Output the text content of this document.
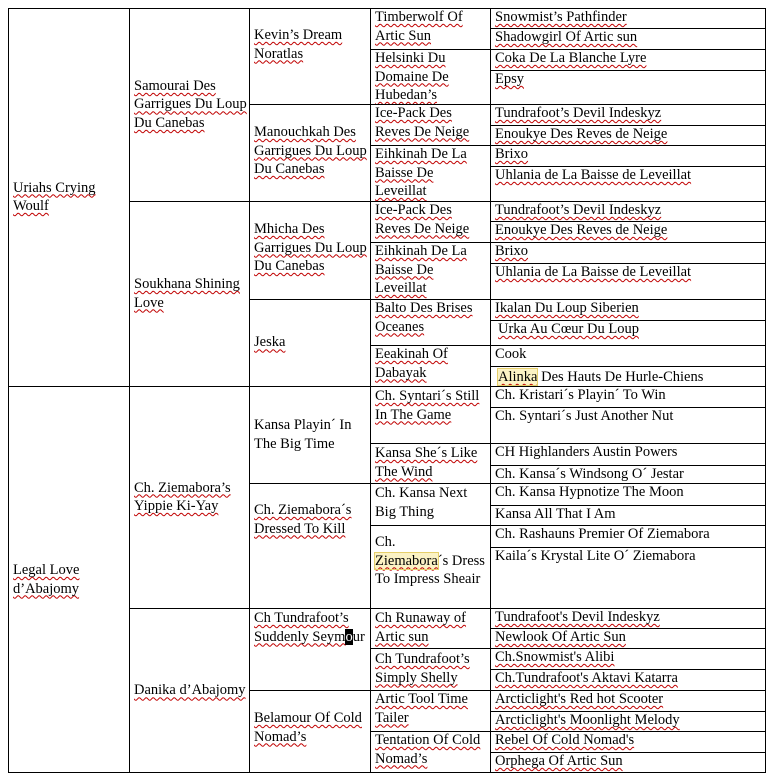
Uriahs Crying Woulf
Legal Love d’Abajomy
Samourai Des Garrigues Du Loup Du Canebas
Soukhana Shining Love
Ch. Ziemabora’s Yippie Ki-Yay
Danika d’Abajomy
Kevin’s Dream Noratlas
Manouchkah Des Garrigues Du Loup Du Canebas
Mhicha Des Garrigues Du Loup Du Canebas
Jeska
Kansa Playin´ In The Big Time
Ch. Ziemabora´s Dressed To Kill
Ch Tundrafoot’s Suddenly Seymour
Belamour Of Cold Nomad’s
Timberwolf Of Artic Sun
Helsinki Du Domaine De Hubedan’s
Ice-Pack Des Reves De Neige
Eihkinah De La Baisse De Leveillat
Ice-Pack Des Reves De Neige
Eihkinah De La Baisse De Leveillat
Balto Des Brises Oceanes
Eeakinah Of Dabayak
Ch. Syntari´s Still In The Game
Kansa She´s Like The Wind
Ch. Kansa Next Big Thing
Ch.
Ziemabora´s Dress To Impress Sheair
Ch Runaway of Artic sun
Ch Tundrafoot’s Simply Shelly
Artic Tool Time Tailer
Tentation Of Cold Nomad’s
Snowmist’s Pathfinder
Shadowgirl Of Artic sun
Coka De La Blanche Lyre
Epsy
Tundrafoot’s Devil Indeskyz
Enoukye Des Reves de Neige
Brixo
Uhlania de La Baisse de Leveillat
Tundrafoot’s Devil Indeskyz
Enoukye Des Reves de Neige
Brixo
Uhlania de La Baisse de Leveillat
Ikalan Du Loup Siberien
Urka Au Cœur Du Loup
Cook
Alinka Des Hauts De Hurle-Chiens
Ch. Kristari´s Playin´ To Win
Ch. Syntari´s Just Another Nut
CH Highlanders Austin Powers
Ch. Kansa´s Windsong O´ Jestar
Ch. Kansa Hypnotize The Moon
Kansa All That I Am
Ch. Rashauns Premier Of Ziemabora
Kaila´s Krystal Lite O´ Ziemabora
Tundrafoot's Devil Indeskyz
Newlook Of Artic Sun
Ch.Snowmist's Alibi
Ch.Tundrafoot's Aktavi Katarra
Arcticlight's Red hot Scooter
Arcticlight's Moonlight Melody
Rebel Of Cold Nomad's
Orphega Of Artic Sun
